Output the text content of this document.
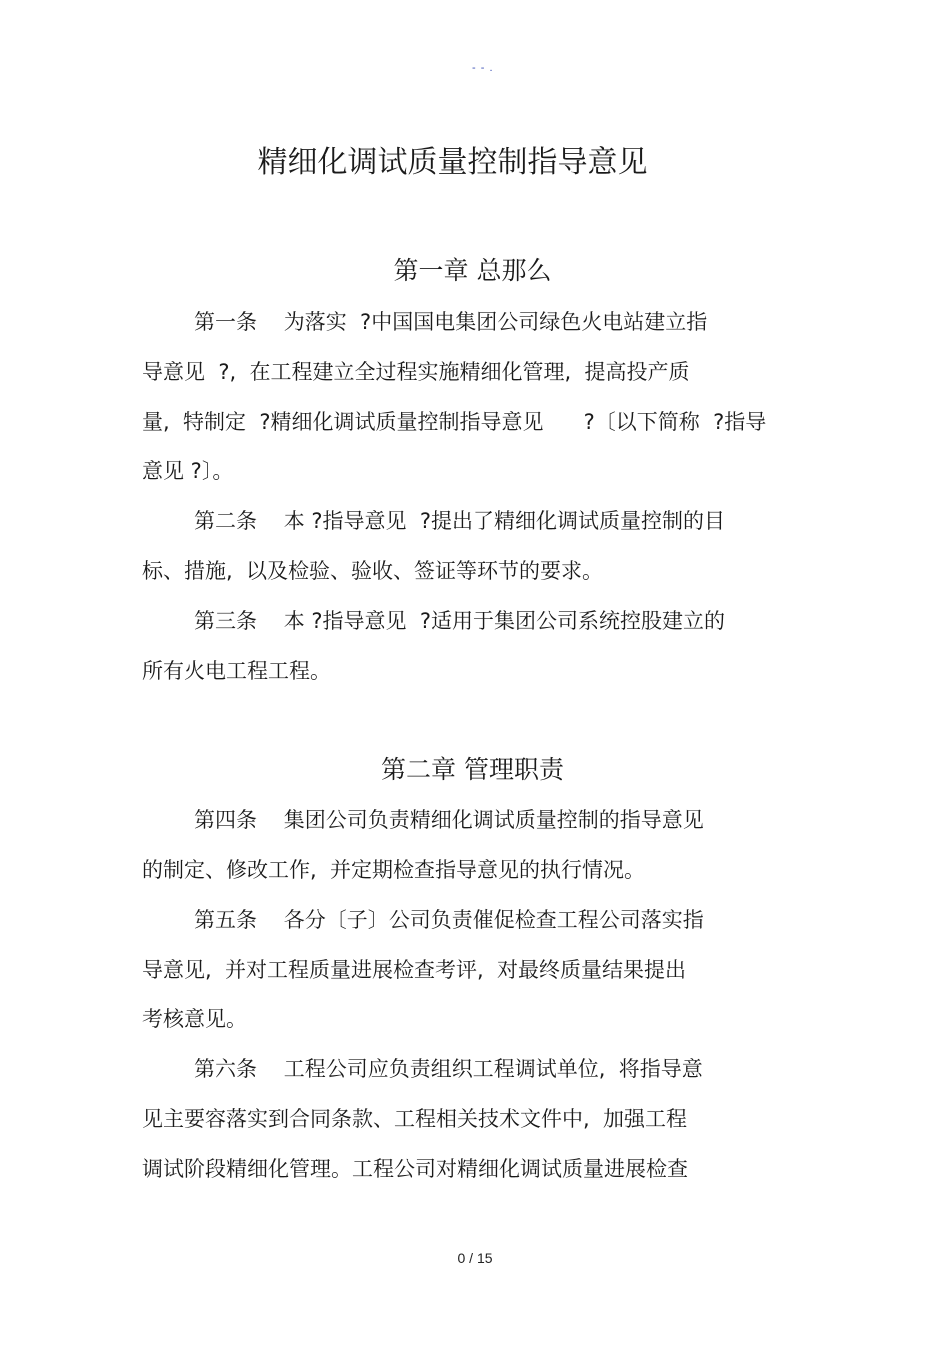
- - .
精细化调试质量控制指导意见
第一章 总那么
第一条    为落实  ?中国国电集团公司绿色火电站建立指
导意见  ?,  在工程建立全过程实施精细化管理,  提高投产质
量,  特制定  ?精细化调试质量控制指导意见      ?〔以下简称  ?指导
意见 ?〕。
第二条    本 ?指导意见  ?提出了精细化调试质量控制的目
标、措施,  以及检验、验收、签证等环节的要求。
第三条    本 ?指导意见  ?适用于集团公司系统控股建立的
所有火电工程工程。
第二章 管理职责
第四条    集团公司负责精细化调试质量控制的指导意见
的制定、修改工作,  并定期检查指导意见的执行情况。
第五条    各分〔子〕公司负责催促检查工程公司落实指
导意见,  并对工程质量进展检查考评,  对最终质量结果提出
考核意见。
第六条    工程公司应负责组织工程调试单位,  将指导意
见主要容落实到合同条款、工程相关技术文件中,  加强工程
调试阶段精细化管理。工程公司对精细化调试质量进展检查
0 / 15
